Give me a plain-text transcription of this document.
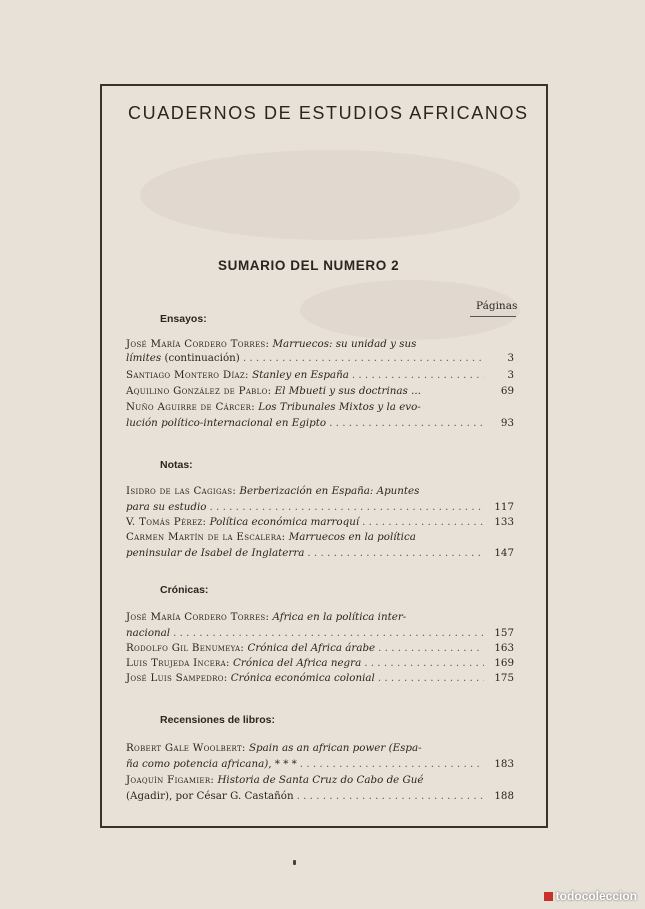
CUADERNOS DE ESTUDIOS AFRICANOS
SUMARIO DEL NUMERO 2
Páginas
Ensayos:
José María Cordero Torres:
Marruecos: su unidad y sus
límites
(continuación) . . .	3
Santiago Montero Díaz:
Stanley en España . . .	3
Aquilino González de Pablo:
El Mbueti y sus doctrinas ...	69
Nuño Aguirre de Cárcer:
Los Tribunales Mixtos y la evo-
lución político-internacional en Egipto . . .	93
Notas:
Isidro de las Cagigas:
Berberización en España: Apuntes
para su estudio . . .	117
V. Tomás Pérez:
Política económica marroquí . . .	133
Carmen Martín de la Escalera:
Marruecos en la política
peninsular de Isabel de Inglaterra . . .	147
Crónicas:
José María Cordero Torres:
Africa en la política inter-
nacional . . .	157
Rodolfo Gil Benumeya:
Crónica del Africa árabe . . .	163
Luis Trujeda Incera:
Crónica del Africa negra . . .	169
José Luis Sampedro:
Crónica económica colonial . . .	175
Recensiones de libros:
Robert Gale Woolbert:
Spain as an african power (Espa-
ña como potencia africana),
* * * . . .	183
Joaquín Figamier:
Historia de Santa Cruz do Cabo de Gué
(Agadir), por César G. Castañón . . .	188
todocoleccion
